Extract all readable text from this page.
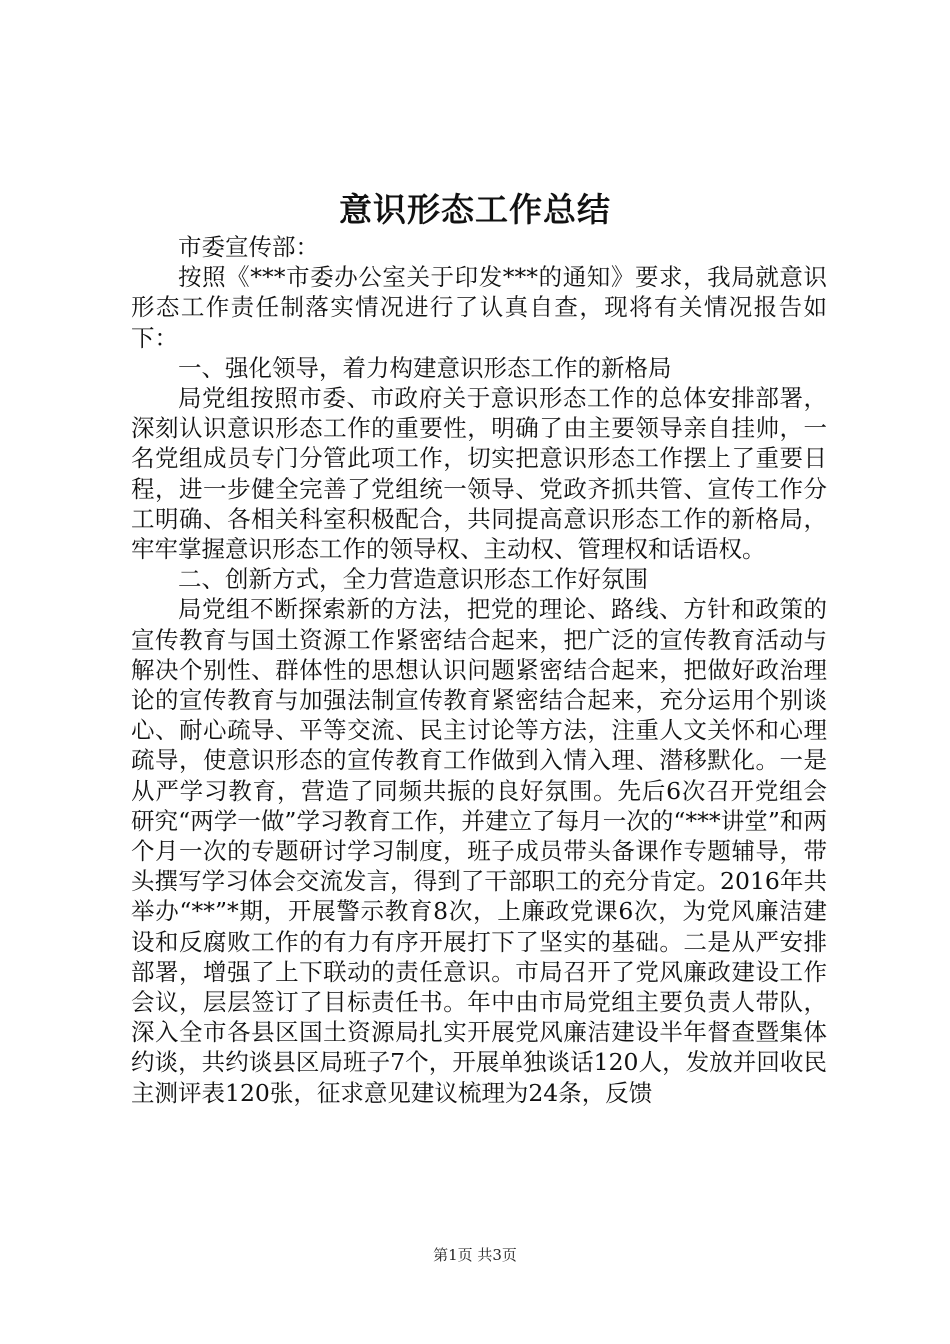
意识形态工作总结

市委宣传部：

按照《***市委办公室关于印发***的通知》要求，我局就意识形态工作责任制落实情况进行了认真自查，现将有关情况报告如下：

一、强化领导，着力构建意识形态工作的新格局

局党组按照市委、市政府关于意识形态工作的总体安排部署，深刻认识意识形态工作的重要性，明确了由主要领导亲自挂帅，一名党组成员专门分管此项工作，切实把意识形态工作摆上了重要日程，进一步健全完善了党组统一领导、党政齐抓共管、宣传工作分工明确、各相关科室积极配合，共同提高意识形态工作的新格局，牢牢掌握意识形态工作的领导权、主动权、管理权和话语权。

二、创新方式，全力营造意识形态工作好氛围

局党组不断探索新的方法，把党的理论、路线、方针和政策的宣传教育与国土资源工作紧密结合起来，把广泛的宣传教育活动与解决个别性、群体性的思想认识问题紧密结合起来，把做好政治理论的宣传教育与加强法制宣传教育紧密结合起来，充分运用个别谈心、耐心疏导、平等交流、民主讨论等方法，注重人文关怀和心理疏导，使意识形态的宣传教育工作做到入情入理、潜移默化。一是从严学习教育，营造了同频共振的良好氛围。先后6次召开党组会研究“两学一做”学习教育工作，并建立了每月一次的“***讲堂”和两个月一次的专题研讨学习制度，班子成员带头备课作专题辅导，带头撰写学习体会交流发言，得到了干部职工的充分肯定。2016年共举办“**”*期，开展警示教育8次，上廉政党课6次，为党风廉洁建设和反腐败工作的有力有序开展打下了坚实的基础。二是从严安排部署，增强了上下联动的责任意识。市局召开了党风廉政建设工作会议，层层签订了目标责任书。年中由市局党组主要负责人带队，深入全市各县区国土资源局扎实开展党风廉洁建设半年督查暨集体约谈，共约谈县区局班子7个，开展单独谈话120人，发放并回收民主测评表120张，征求意见建议梳理为24条，反馈

第1页 共3页
